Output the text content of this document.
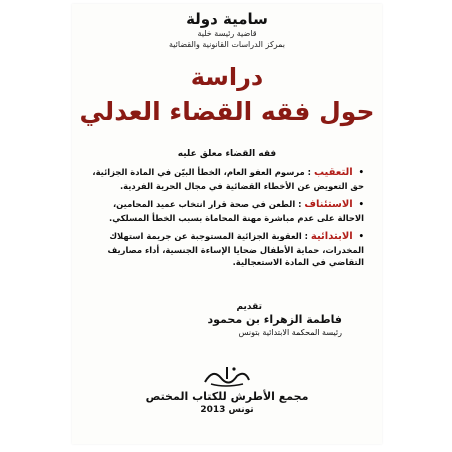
سامية دولة
قاضية رئيسة خلية
بمركز الدراسات القانونية والقضائية
دراسة
حول فقه القضاء العدلي
فقه القضاء معلق عليه
• التعقيب : مرسوم العفو العام، الخطأ البيّن في المادة الجزائية،
حق التعويض عن الأخطاء القضائية في مجال الحرية الفردية.
• الاستئناف : الطعن في صحة قرار انتخاب عميد المحامين،
الاحالة على عدم مباشرة مهنة المحاماة بسبب الخطأ المسلكي.
• الابتدائية : العقوبة الجزائية المستوجبة عن جريمة استهلاك
المخدرات، حماية الأطفال ضحايا الإساءة الجنسية، أداء مصاريف
التقاضي في المادة الاستعجالية.
تقديم
فاطمة الزهراء بن محمود
رئيسة المحكمة الابتدائية بتونس
مجمع الأطرش للكتاب المختص
تونس 2013
